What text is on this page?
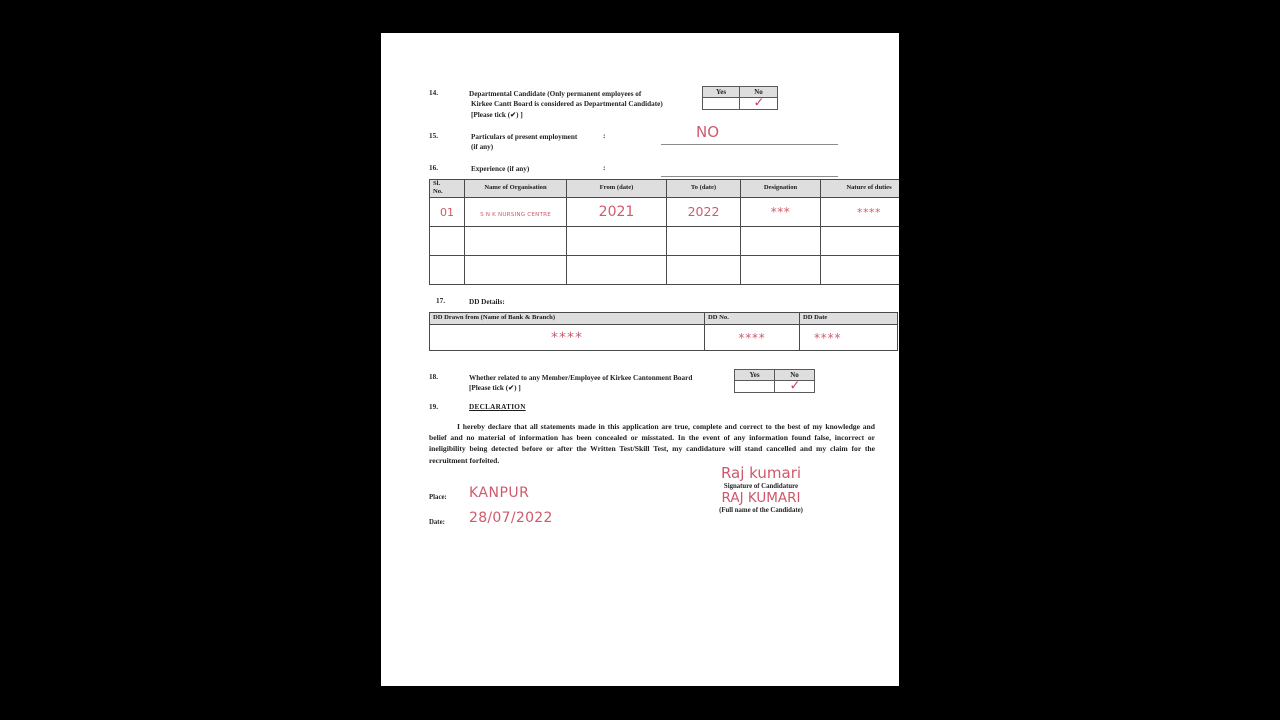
14.	Departmental Candidate (Only permanent employees of
Kirkee Cantt Board is considered as Departmental Candidate)
[Please tick (✔) ]
Yes	No

	✓
15.	Particulars of present employment
(if any)
:	NO
16.	Experience (if any)	:
Sl.
No.	Name of Organisation	From (date)	To (date)	Designation	Nature of duties
01	S N K NURSING CENTRE	2021	2022	***	****

17.	DD Details:
DD Drawn from (Name of Bank & Branch)	DD No.	DD Date
****	****	****
18.	Whether related to any Member/Employee of Kirkee Cantonment Board
[Please tick (✔) ]
Yes	No

	✓
19.	DECLARATION
I hereby declare that all statements made in this application are true, complete and correct to the best of my knowledge and belief and no material of information has been concealed or misstated. In the event of any information found false, incorrect or ineligibility being detected before or after the Written Test/Skill Test, my candidature will stand cancelled and my claim for the recruitment forfeited.
Place: KANPUR
Date: 28/07/2022
Raj kumari
Signature of Candidature
RAJ KUMARI
(Full name of the Candidate)
